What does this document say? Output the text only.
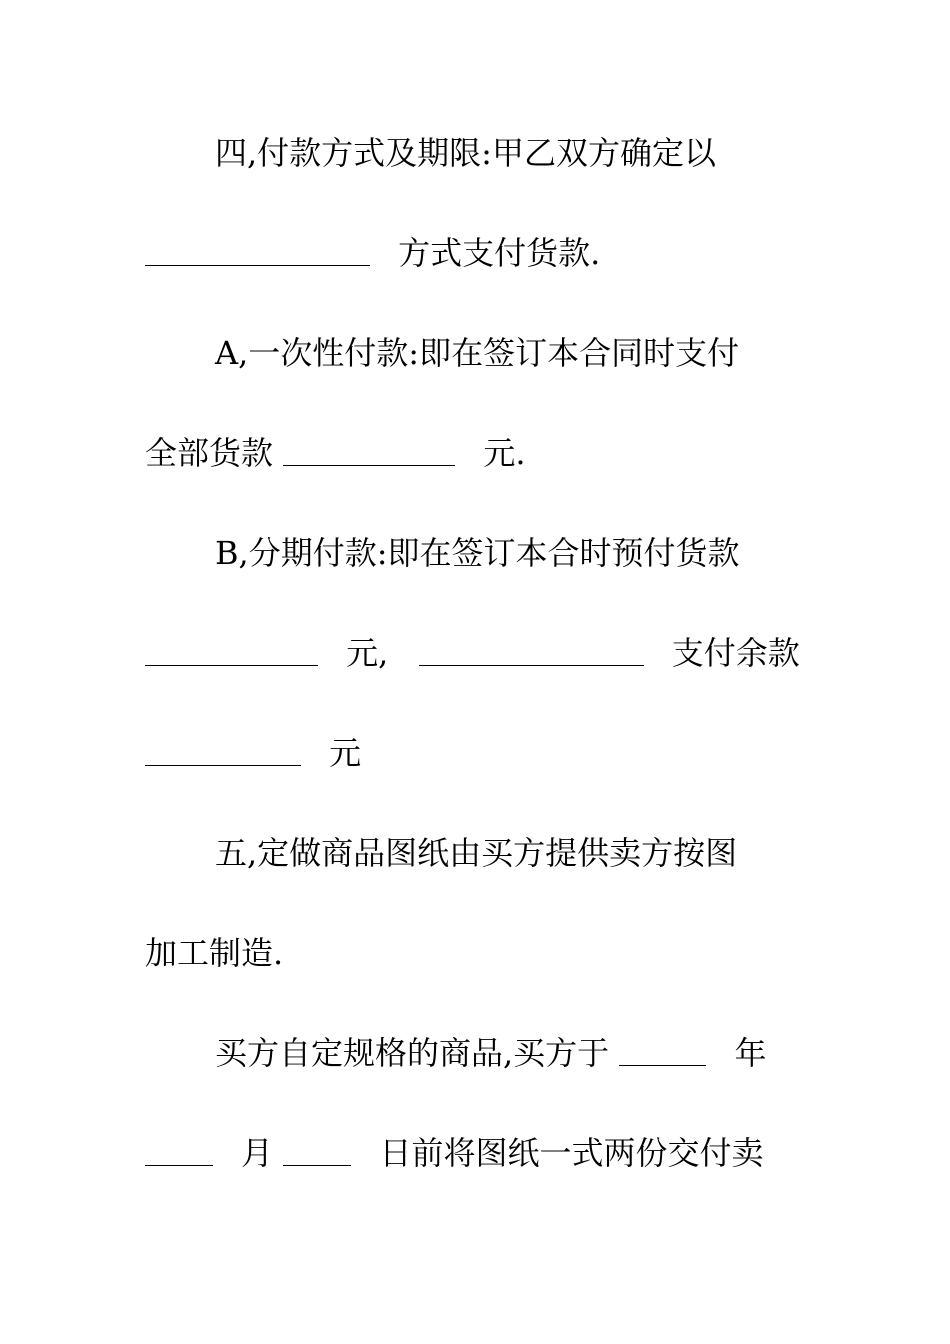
四,付款方式及期限:甲乙双方确定以
方式支付货款.
A,一次性付款:即在签订本合同时支付
全部货款	元.
B,分期付款:即在签订本合时预付货款
元,	支付余款
元
五,定做商品图纸由买方提供卖方按图
加工制造.
买方自定规格的商品,买方于	年
月	日前将图纸一式两份交付卖
